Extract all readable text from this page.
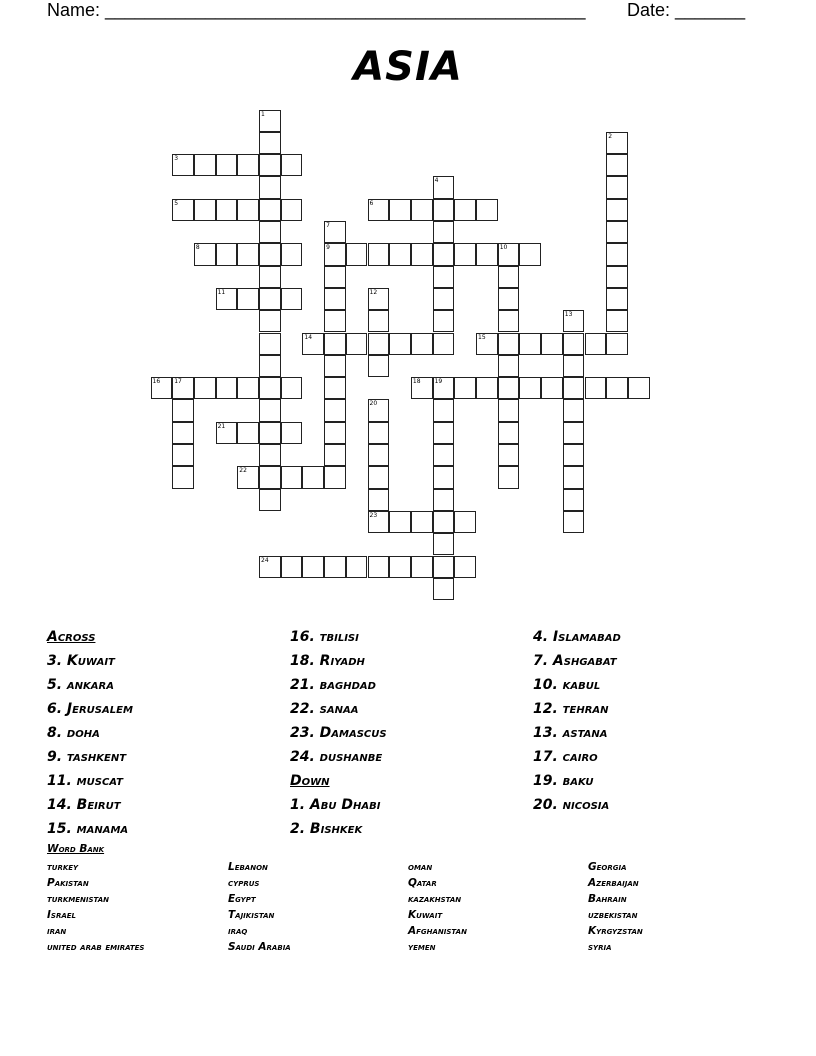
Name: ________________________________________________ Date: _______
ASIA
1
2
3
4
5	6
7
9
8	10
11	12
13
14	15
16 17	18 19
20
23
21
22
24
Across
3. Kuwait
5. ankara
6. Jerusalem
8. doha
9. tashkent
11. muscat
14. Beirut
15. manama
16. tbilisi
18. Riyadh
21. baghdad
22. sanaa
23. Damascus
24. dushanbe
Down
1. Abu Dhabi
2. Bishkek
4. Islamabad
7. Ashgabat
10. kabul
12. tehran
13. astana
17. cairo
19. baku
20. nicosia
Word Bank
turkey	Lebanon	oman	Georgia
Pakistan	cyprus	Qatar	Azerbaijan
turkmenistan	Egypt	kazakhstan	Bahrain
Israel	Tajikistan	Kuwait	uzbekistan
iran	iraq	Afghanistan	Kyrgyzstan
united arab emirates	Saudi Arabia	yemen	syria
